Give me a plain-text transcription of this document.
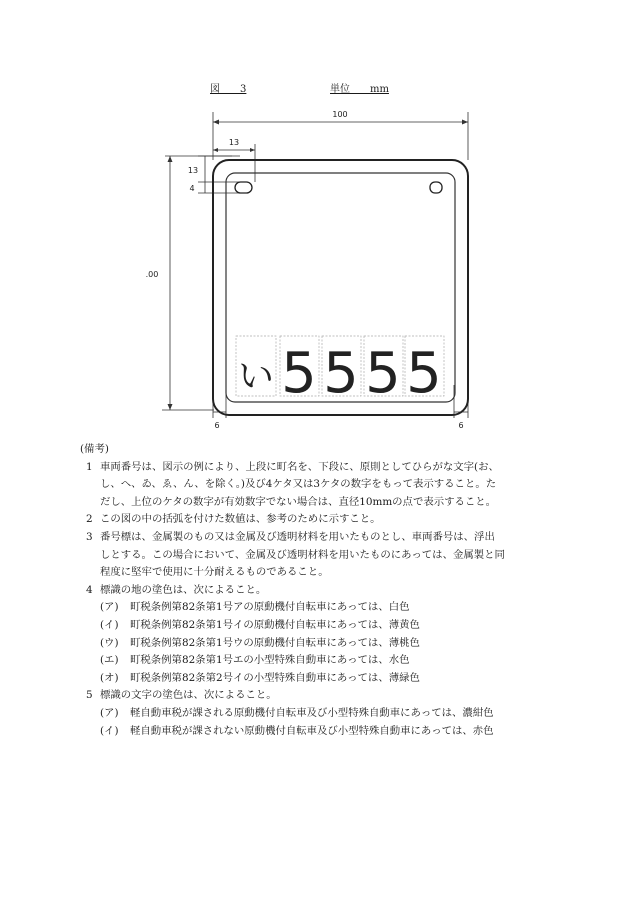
図　　3	単位　　mm
い 5 5 5 5
100
13
13
4
.00
6	6

(備考)

1 車両番号は、図示の例により、上段に町名を、下段に、原則としてひらがな文字(お、

し、へ、ゐ、ゑ、ん、を除く。)及び4ケタ又は3ケタの数字をもって表示すること。た

だし、上位のケタの数字が有効数字でない場合は、直径10mmの点で表示すること。

2 この図の中の括弧を付けた数値は、参考のために示すこと。

3 番号標は、金属製のもの又は金属及び透明材料を用いたものとし、車両番号は、浮出

しとする。この場合において、金属及び透明材料を用いたものにあっては、金属製と同

程度に堅牢で使用に十分耐えるものであること。

4 標識の地の塗色は、次によること。

(ア) 町税条例第82条第1号アの原動機付自転車にあっては、白色

(イ) 町税条例第82条第1号イの原動機付自転車にあっては、薄黄色

(ウ) 町税条例第82条第1号ウの原動機付自転車にあっては、薄桃色

(エ) 町税条例第82条第1号エの小型特殊自動車にあっては、水色

(オ) 町税条例第82条第2号イの小型特殊自動車にあっては、薄緑色

5 標識の文字の塗色は、次によること。

(ア) 軽自動車税が課される原動機付自転車及び小型特殊自動車にあっては、濃紺色

(イ) 軽自動車税が課されない原動機付自転車及び小型特殊自動車にあっては、赤色
